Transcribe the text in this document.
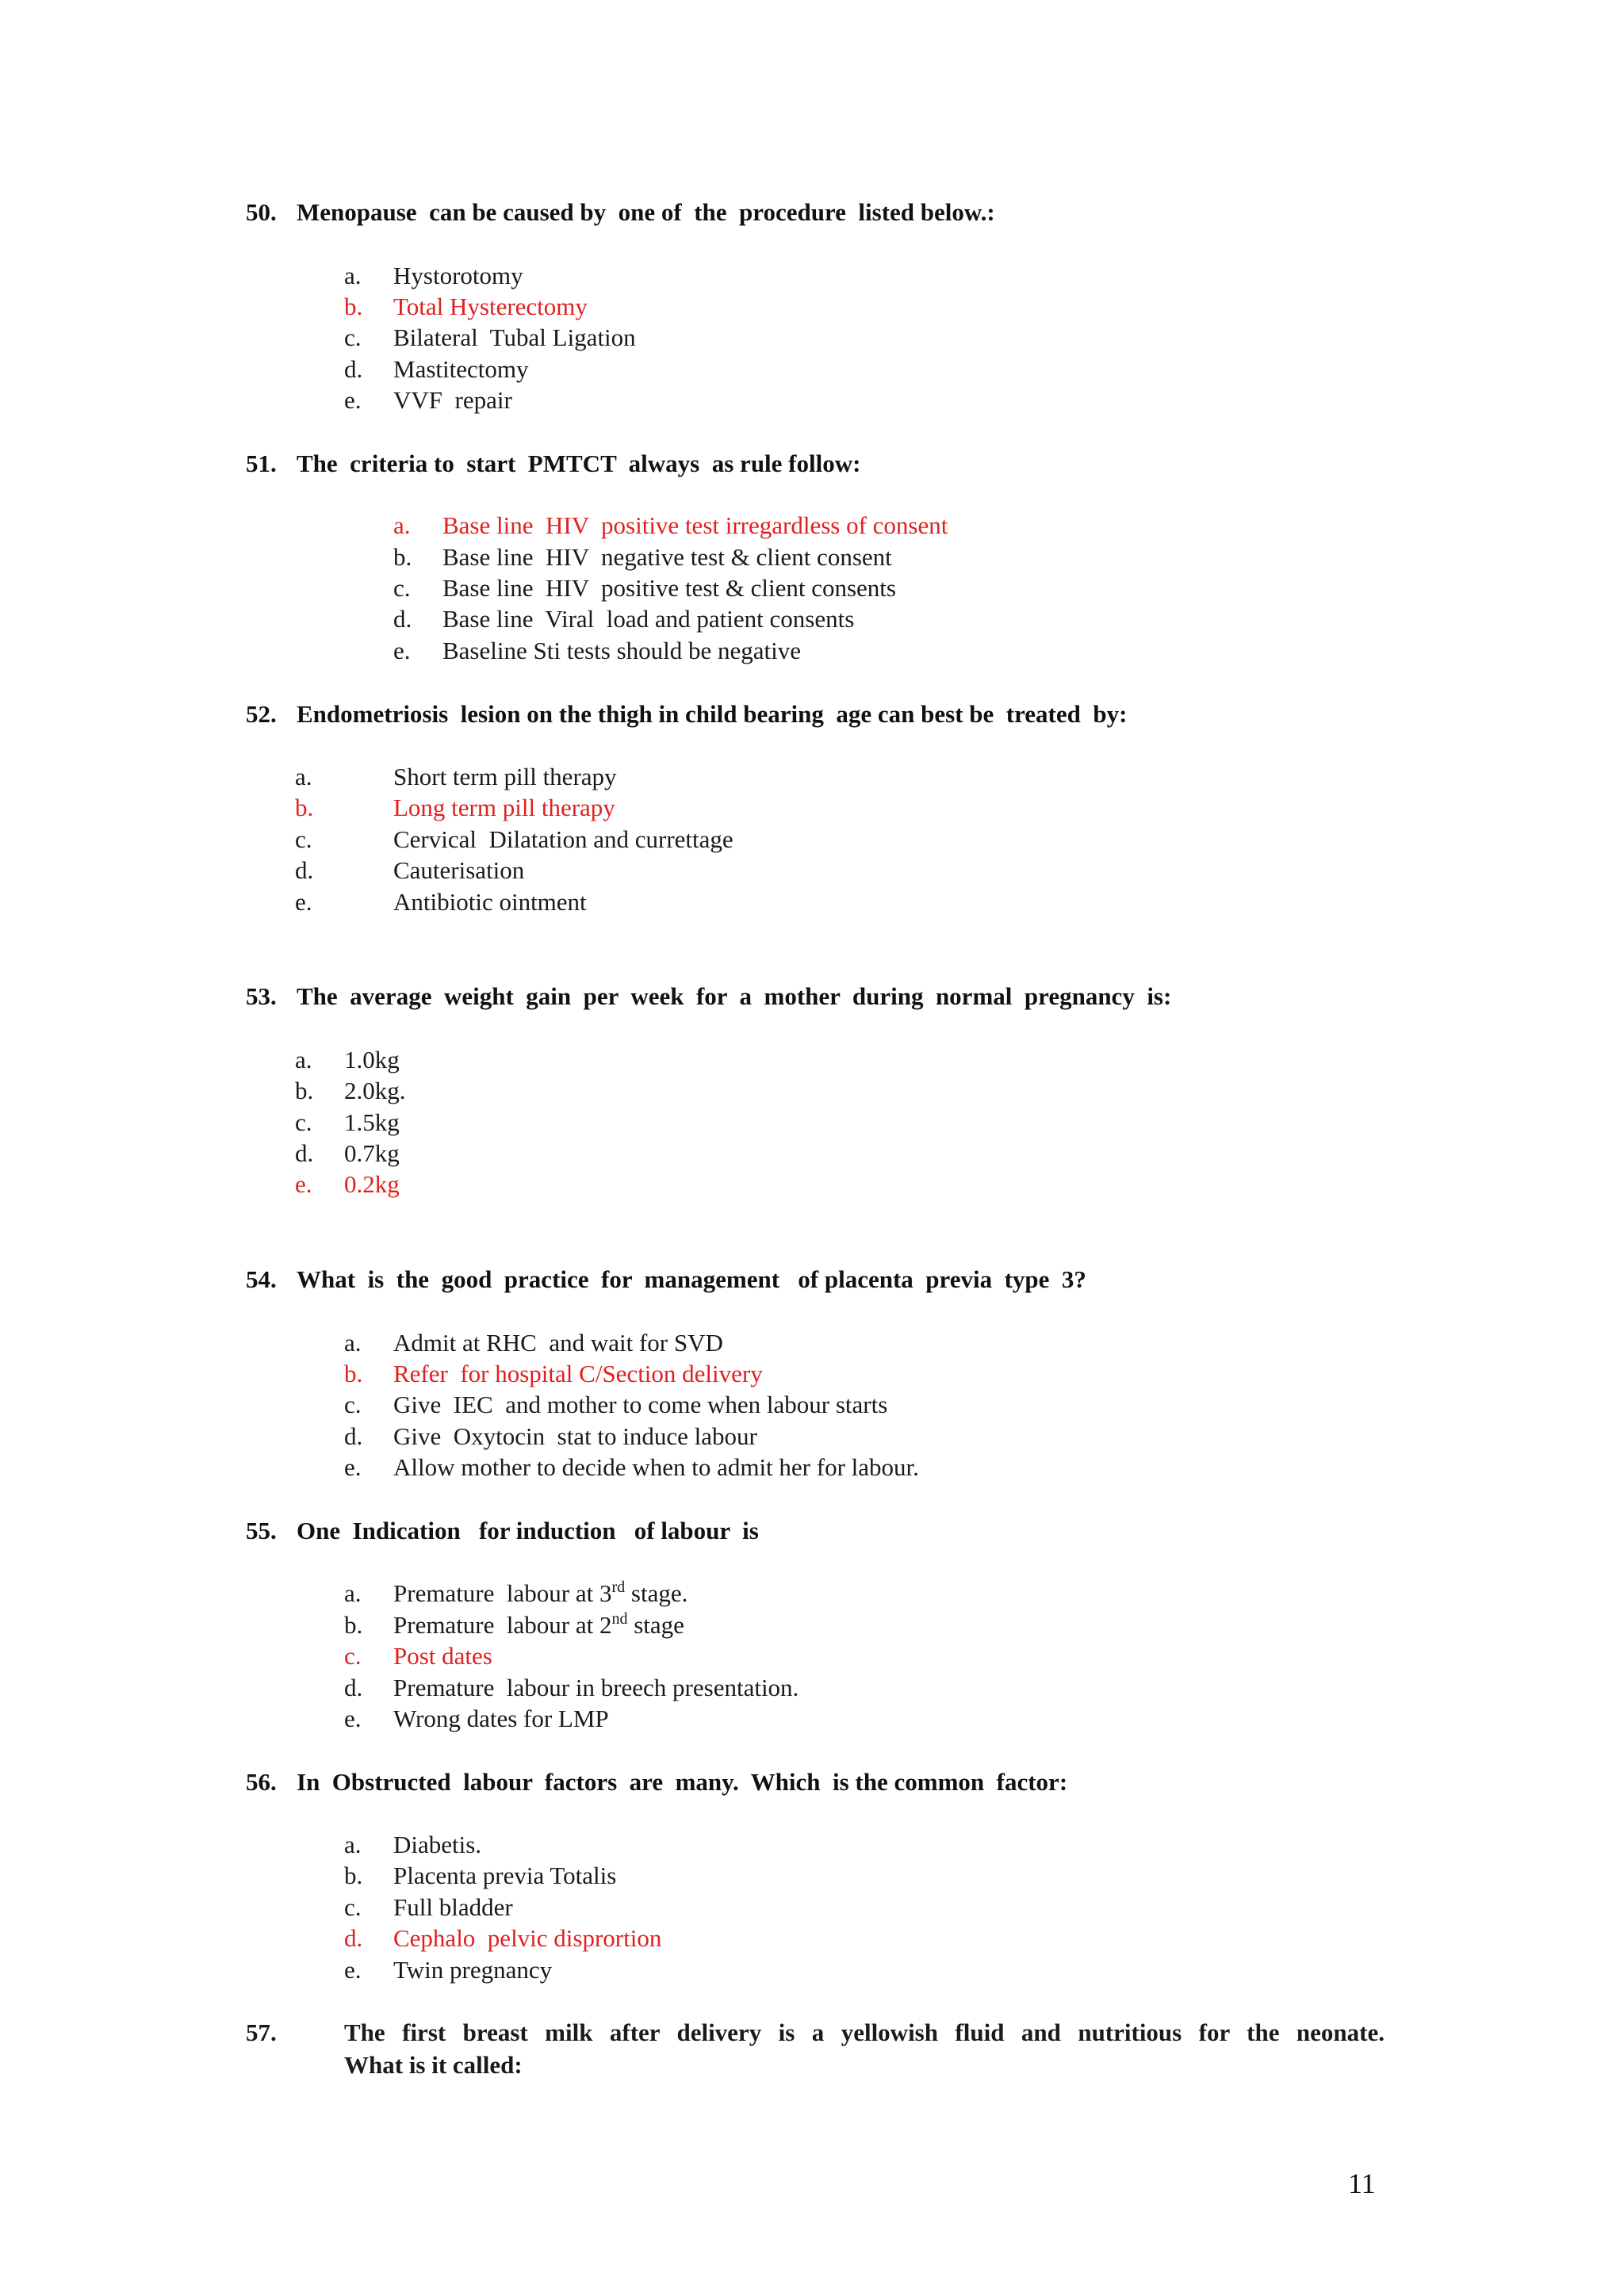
50. Menopause  can be caused by  one of  the  procedure  listed below.:
a. Hystorotomy
b. Total Hysterectomy
c. Bilateral  Tubal Ligation
d. Mastitectomy
e. VVF  repair
51. The  criteria to  start  PMTCT  always  as rule follow:
a. Base line  HIV  positive test irregardless of consent
b. Base line  HIV  negative test & client consent
c. Base line  HIV  positive test & client consents
d. Base line  Viral  load and patient consents
e. Baseline Sti tests should be negative
52. Endometriosis  lesion on the thigh in child bearing  age can best be  treated  by:
a.	Short term pill therapy
b.	Long term pill therapy
c.	Cervical  Dilatation and currettage
d.	Cauterisation
e.	Antibiotic ointment
53. The  average  weight  gain  per  week  for  a  mother  during  normal  pregnancy  is:
a. 1.0kg
b. 2.0kg.
c. 1.5kg
d. 0.7kg
e. 0.2kg
54. What  is  the  good  practice  for  management   of placenta  previa  type  3?
a. Admit at RHC  and wait for SVD
b. Refer  for hospital C/Section delivery
c. Give  IEC  and mother to come when labour starts
d. Give  Oxytocin  stat to induce labour
e. Allow mother to decide when to admit her for labour.
55. One  Indication   for induction   of labour  is
a. Premature  labour at 3rd stage.
b. Premature  labour at 2nd stage
c. Post dates
d. Premature  labour in breech presentation.
e. Wrong dates for LMP
56. In  Obstructed  labour  factors  are  many.  Which  is the common  factor:
a. Diabetis.
b. Placenta previa Totalis
c. Full bladder
d. Cephalo  pelvic disprortion
e. Twin pregnancy
57.	The first breast milk after delivery is a yellowish fluid and nutritious for the neonate.
What is it called:
11
